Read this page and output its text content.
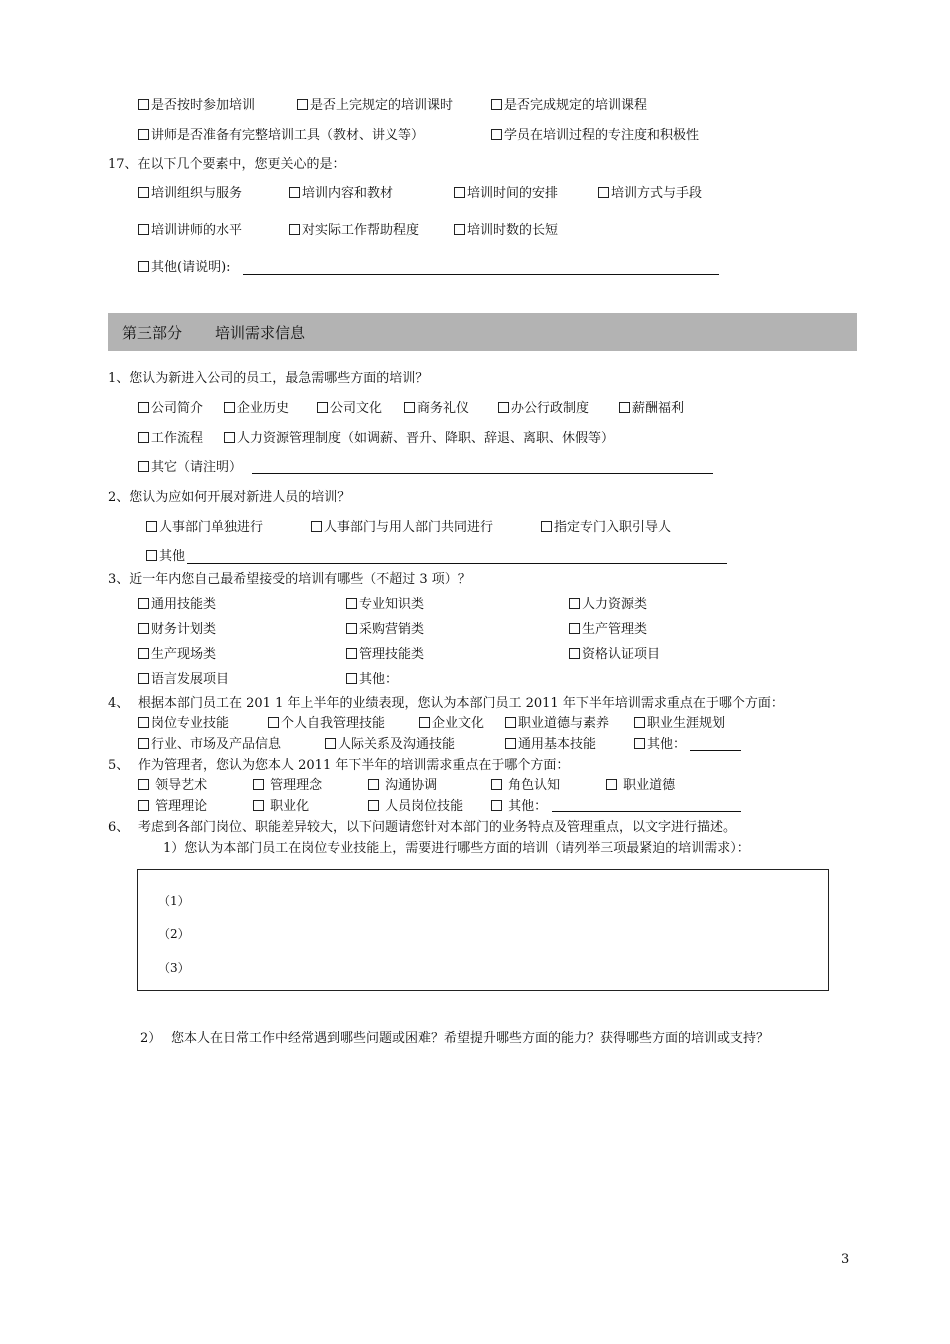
是否按时参加培训	是否上完规定的培训课时	是否完成规定的培训课程
讲师是否准备有完整培训工具（教材、讲义等）	学员在培训过程的专注度和积极性
17、在以下几个要素中，您更关心的是：
培训组织与服务	培训内容和教材	培训时间的安排	培训方式与手段
培训讲师的水平	对实际工作帮助程度	培训时数的长短
其他(请说明):
第三部分 培训需求信息
1、您认为新进入公司的员工，最急需哪些方面的培训？
公司简介	企业历史	公司文化	商务礼仪	办公行政制度	薪酬福利
工作流程	人力资源管理制度（如调薪、晋升、降职、辞退、离职、休假等）
其它（请注明）
2、您认为应如何开展对新进人员的培训？
人事部门单独进行	人事部门与用人部门共同进行	指定专门入职引导人
其他
3、近一年内您自己最希望接受的培训有哪些（不超过 3 项）？
通用技能类	专业知识类	人力资源类
财务计划类	采购营销类	生产管理类
生产现场类	管理技能类	资格认证项目
语言发展项目	其他：
4、 根据本部门员工在 201 1 年上半年的业绩表现，您认为本部门员工 2011 年下半年培训需求重点在于哪个方面：
岗位专业技能	个人自我管理技能	企业文化	职业道德与素养	职业生涯规划
行业、市场及产品信息	人际关系及沟通技能	通用基本技能	其他：
5、 作为管理者，您认为您本人 2011 年下半年的培训需求重点在于哪个方面：
领导艺术	管理理念	沟通协调	角色认知	职业道德
管理理论	职业化	人员岗位技能	其他：
6、 考虑到各部门岗位、职能差异较大，以下问题请您针对本部门的业务特点及管理重点，以文字进行描述。
1）您认为本部门员工在岗位专业技能上，需要进行哪些方面的培训（请列举三项最紧迫的培训需求）：
（1）
（2）
（3）
2） 您本人在日常工作中经常遇到哪些问题或困难？希望提升哪些方面的能力？获得哪些方面的培训或支持？
3
